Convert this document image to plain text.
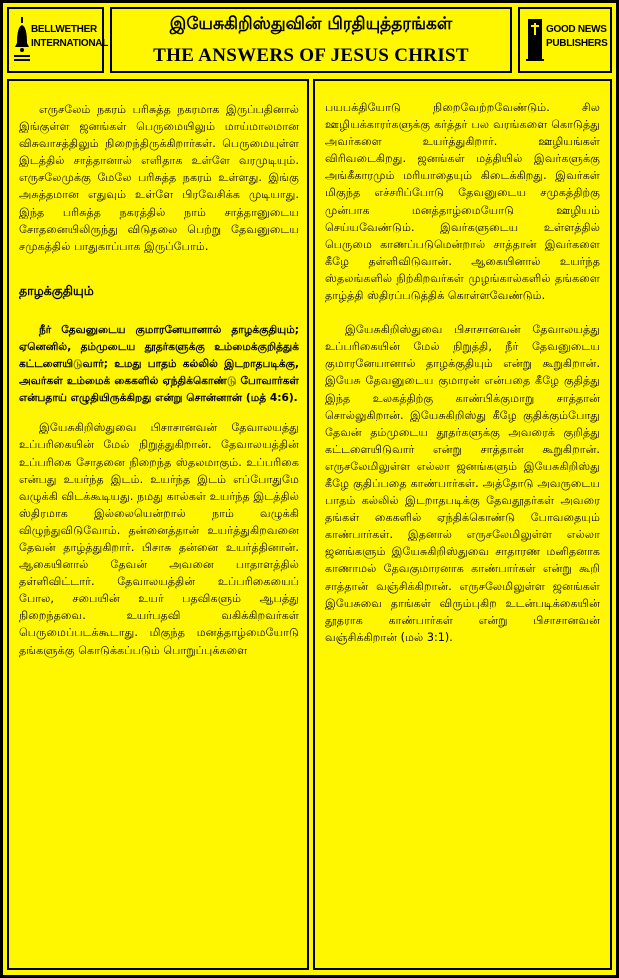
BELLWETHER
INTERNATIONAL
இயேசுகிறிஸ்துவின் பிரதியுத்தரங்கள்
THE ANSWERS OF JESUS CHRIST
GOOD NEWS
PUBLISHERS

எருசலேம் நகரம் பரிசுத்த நகரமாக இருப்பதினால் இங்குள்ள ஜனங்கள் பெருமையிலும் மாய்மாலமான விசுவாசத்திலும் நிறைந்திருக்கிறார்கள். பெருமையுள்ள இடத்தில் சாத்தானால் எளிதாக உள்ளே வரமுடியும். எருசலேமுக்கு மேலே பரிசுத்த நகரம் உள்ளது. இங்கு அசுத்தமான எதுவும் உள்ளே பிரவேசிக்க முடியாது. இந்த பரிசுத்த நகரத்தில் நாம் சாத்தானுடைய சோதனையிலிருந்து விடுதலை பெற்று தேவனுடைய சமுகத்தில் பாதுகாப்பாக இருப்போம்.

தாழக்குதியும்

நீர் தேவனுடைய குமாரனேயானால் தாழக்குதியும்; ஏனெனில், தம்முடைய தூதர்களுக்கு உம்மைக்குறித்துக் கட்டளையிடுவார்; உமது பாதம் கல்லில் இடறாதபடிக்கு, அவர்கள் உம்மைக் கைகளில் ஏந்திக்கொண்டு போவார்கள் என்பதாய் எழுதியிருக்கிறது என்று சொன்னான் (மத் 4:6).

இயேசுகிறிஸ்துவை பிசாசானவன் தேவாலயத்து உப்பரிகையின் மேல் நிறுத்துகிறான். தேவாலயத்தின் உப்பரிகை சோதனை நிறைந்த ஸ்தலமாகும். உப்பரிகை என்பது உயர்ந்த இடம். உயர்ந்த இடம் எப்போதுமே வழுக்கி விடக்கூடியது. நமது கால்கள் உயர்ந்த இடத்தில் ஸ்திரமாக இல்லையென்றால் நாம் வழுக்கி விழுந்துவிடுவோம். தன்னைத்தான் உயர்த்துகிறவனை தேவன் தாழ்த்துகிறார். பிசாசு தன்னை உயர்த்தினான். ஆகையினால் தேவன் அவனை பாதாளத்தில் தள்ளிவிட்டார். தேவாலயத்தின் உப்பரிகையைப் போல, சபையின் உயர் பதவிகளும் ஆபத்து நிறைந்தவை. உயர்பதவி வகிக்கிறவர்கள் பெருமைப்படக்கூடாது. மிகுந்த மனத்தாழ்மையோடு தங்களுக்கு கொடுக்கப்படும் பொறுப்புக்களை

பயபக்தியோடு நிறைவேற்றவேண்டும். சில ஊழியக்காரர்களுக்கு கர்த்தர் பல வரங்களை கொடுத்து அவர்களை உயர்த்துகிறார். ஊழியங்கள் விரிவடைகிறது. ஜனங்கள் மத்தியில் இவர்களுக்கு அங்கீகாரமும் மரியாதையும் கிடைக்கிறது. இவர்கள் மிகுந்த எச்சரிப்போடு தேவனுடைய சமுகத்திற்கு முன்பாக மனத்தாழ்மையோடு ஊழியம் செய்யவேண்டும். இவர்களுடைய உள்ளத்தில் பெருமை காணப்படுமென்றால் சாத்தான் இவர்களை கீழே தள்ளிவிடுவான். ஆகையினால் உயர்ந்த ஸ்தலங்களில் நிற்கிறவர்கள் முழங்கால்களில் தங்களை தாழ்த்தி ஸ்திரப்படுத்திக் கொள்ளவேண்டும்.

இயேசுகிறிஸ்துவை பிசாசானவன் தேவாலயத்து உப்பரிகையின் மேல் நிறுத்தி, நீர் தேவனுடைய குமாரனேயானால் தாழக்குதியும் என்று கூறுகிறான். இயேசு தேவனுடைய குமாரன் என்பதை கீழே குதித்து இந்த உலகத்திற்கு காண்பிக்குமாறு சாத்தான் சொல்லுகிறான். இயேசுகிறிஸ்து கீழே குதிக்கும்போது தேவன் தம்முடைய தூதர்களுக்கு அவரைக் குறித்து கட்டளையிடுவார் என்று சாத்தான் கூறுகிறான். எருசலேமிலுள்ள எல்லா ஜனங்களும் இயேசுகிறிஸ்து கீழே குதிப்பதை காண்பார்கள். அத்தோடு அவருடைய பாதம் கல்லில் இடறாதபடிக்கு தேவதூதர்கள் அவரை தங்கள் கைகளில் ஏந்திக்கொண்டு போவதையும் காண்பார்கள். இதனால் எருசலேமிலுள்ள எல்லா ஜனங்களும் இயேசுகிறிஸ்துவை சாதாரண மனிதனாக காணாமல் தேவகுமாரனாக காண்பார்கள் என்று கூறி சாத்தான் வஞ்சிக்கிறான். எருசலேமிலுள்ள ஜனங்கள் இயேசுவை தாங்கள் விரும்புகிற உடன்படிக்கையின் தூதராக காண்பார்கள் என்று பிசாசானவன் வஞ்சிக்கிறான் (மல் 3:1).
